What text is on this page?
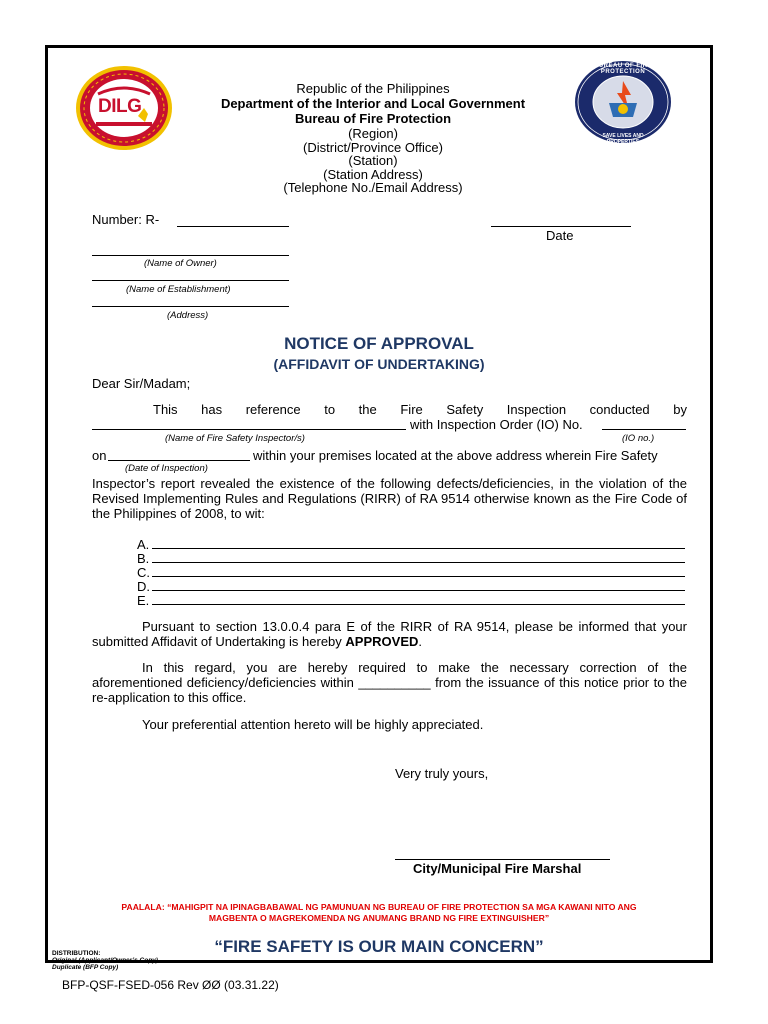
DILG
BUREAU OF FIRE PROTECTION
SAVE LIVES AND PROPERTIES
Republic of the Philippines
Department of the Interior and Local Government
Bureau of Fire Protection
(Region)
(District/Province Office)
(Station)
(Station Address)
(Telephone No./Email Address)
Number: R-
Date
(Name of Owner)
(Name of Establishment)
(Address)
NOTICE OF APPROVAL
(AFFIDAVIT OF UNDERTAKING)
Dear Sir/Madam;
This has reference to the Fire Safety Inspection conducted by
with Inspection Order (IO) No.
(Name of Fire Safety Inspector/s)	(IO no.)
on	within your premises located at the above address wherein Fire Safety
(Date of Inspection)
Inspector’s report revealed the existence of the following defects/deficiencies, in the violation of the Revised Implementing Rules and Regulations (RIRR) of RA 9514 otherwise known as the Fire Code of the Philippines of 2008, to wit:
A.
B.
C.
D.
E.
Pursuant to section 13.0.0.4 para E of the RIRR of RA 9514, please be informed that your submitted Affidavit of Undertaking is hereby APPROVED.
In this regard, you are hereby required to make the necessary correction of the aforementioned deficiency/deficiencies within __________ from the issuance of this notice prior to the re-application to this office.
Your preferential attention hereto will be highly appreciated.
Very truly yours,
City/Municipal Fire Marshal
PAALALA: “MAHIGPIT NA IPINAGBABAWAL NG PAMUNUAN NG BUREAU OF FIRE PROTECTION SA MGA KAWANI NITO ANG
MAGBENTA O MAGREKOMENDA NG ANUMANG BRAND NG FIRE EXTINGUISHER”
“FIRE SAFETY IS OUR MAIN CONCERN”
DISTRIBUTION:
Original (Applicant/Owner’s Copy)
Duplicate (BFP Copy)
BFP-QSF-FSED-056 Rev ØØ (03.31.22)
